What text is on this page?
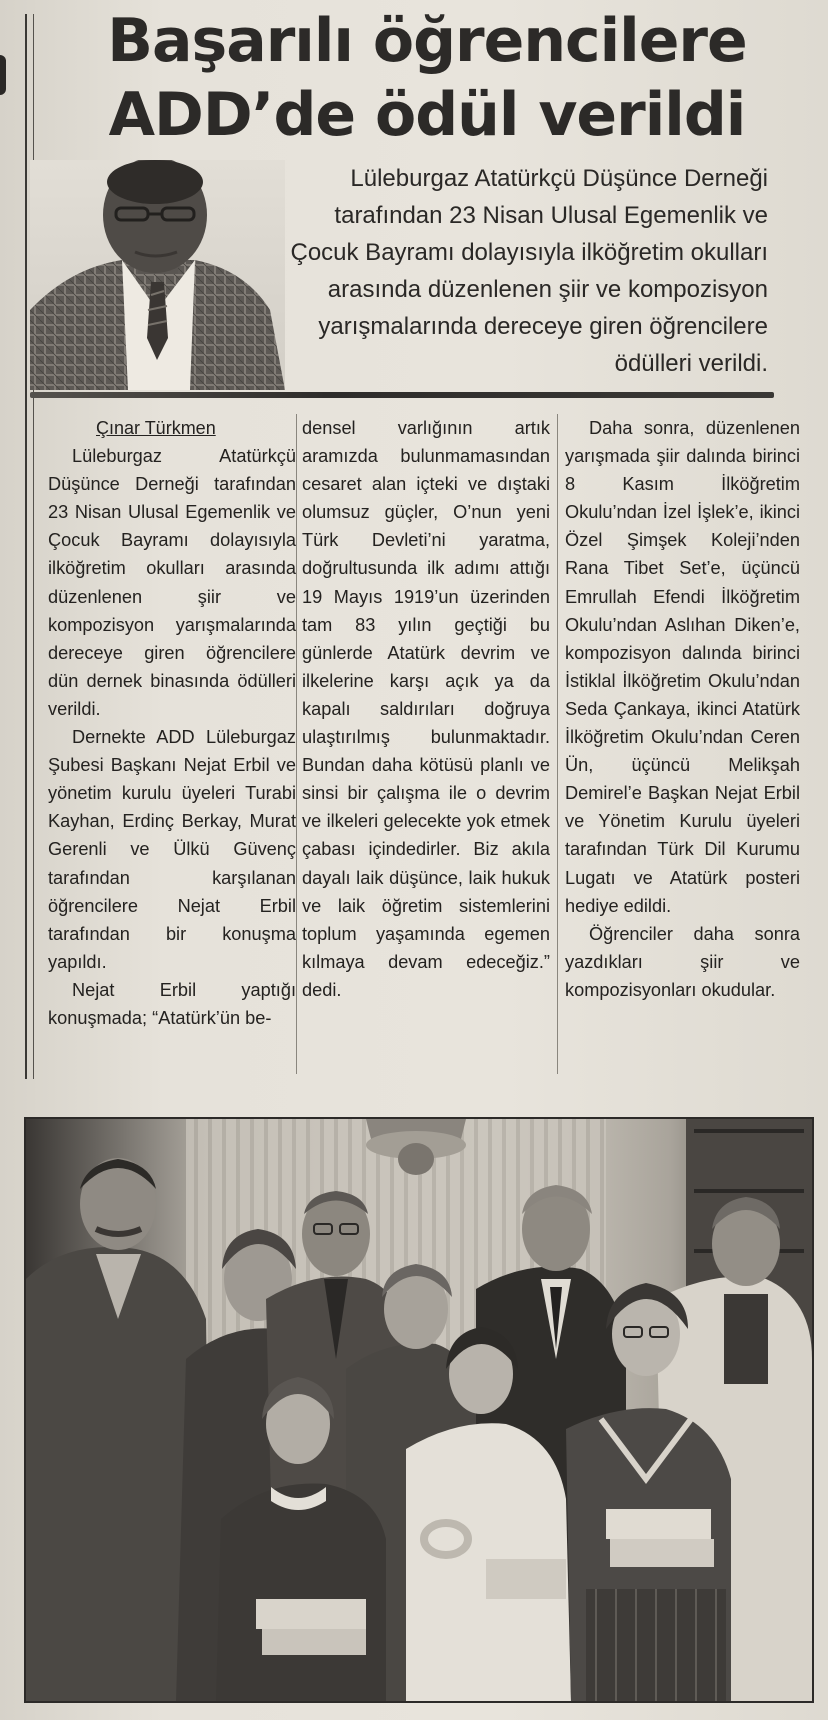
Başarılı öğrencilere
ADD’de ödül verildi

Lüleburgaz Atatürkçü Düşünce Derneği tarafından 23 Nisan Ulusal Egemenlik ve Çocuk Bayramı dolayısıyla ilköğretim okulları arasında düzenlenen şiir ve kompozisyon yarışmalarında dereceye giren öğrencilere ödülleri verildi.

Çınar Türkmen

Lüleburgaz Atatürkçü Düşünce Derneği tarafından 23 Nisan Ulusal Egemenlik ve Çocuk Bayramı dolayısıyla ilköğretim okulları arasında düzenlenen şiir ve kompozisyon yarışmalarında dereceye giren öğrencilere dün dernek binasında ödülleri verildi.

Dernekte ADD Lüleburgaz Şubesi Başkanı Nejat Erbil ve yönetim kurulu üyeleri Turabi Kayhan, Erdinç Berkay, Murat Gerenli ve Ülkü Güvenç tarafından karşılanan öğrencilere Nejat Erbil tarafından bir konuşma yapıldı.

Nejat Erbil yaptığı konuşmada; “Atatürk’ün be-

densel varlığının artık aramızda bulunmamasından cesaret alan içteki ve dıştaki olumsuz güçler, O’nun yeni Türk Devleti’ni yaratma, doğrultusunda ilk adımı attığı 19 Mayıs 1919’un üzerinden tam 83 yılın geçtiği bu günlerde Atatürk devrim ve ilkelerine karşı açık ya da kapalı saldırıları doğruya ulaştırılmış bulunmaktadır. Bundan daha kötüsü planlı ve sinsi bir çalışma ile o devrim ve ilkeleri gelecekte yok etmek çabası içindedirler. Biz akıla dayalı laik düşünce, laik hukuk ve laik öğretim sistemlerini toplum yaşamında egemen kılmaya devam edeceğiz.” dedi.

Daha sonra, düzenlenen yarışmada şiir dalında birinci 8 Kasım İlköğretim Okulu’ndan İzel İşlek’e, ikinci Özel Şimşek Koleji’nden Rana Tibet Set’e, üçüncü Emrullah Efendi İlköğretim Okulu’ndan Aslıhan Diken’e, kompozisyon dalında birinci İstiklal İlköğretim Okulu’ndan Seda Çankaya, ikinci Atatürk İlköğretim Okulu’ndan Ceren Ün, üçüncü Melikşah Demirel’e Başkan Nejat Erbil ve Yönetim Kurulu üyeleri tarafından Türk Dil Kurumu Lugatı ve Atatürk posteri hediye edildi.

Öğrenciler daha sonra yazdıkları şiir ve kompozisyonları okudular.
